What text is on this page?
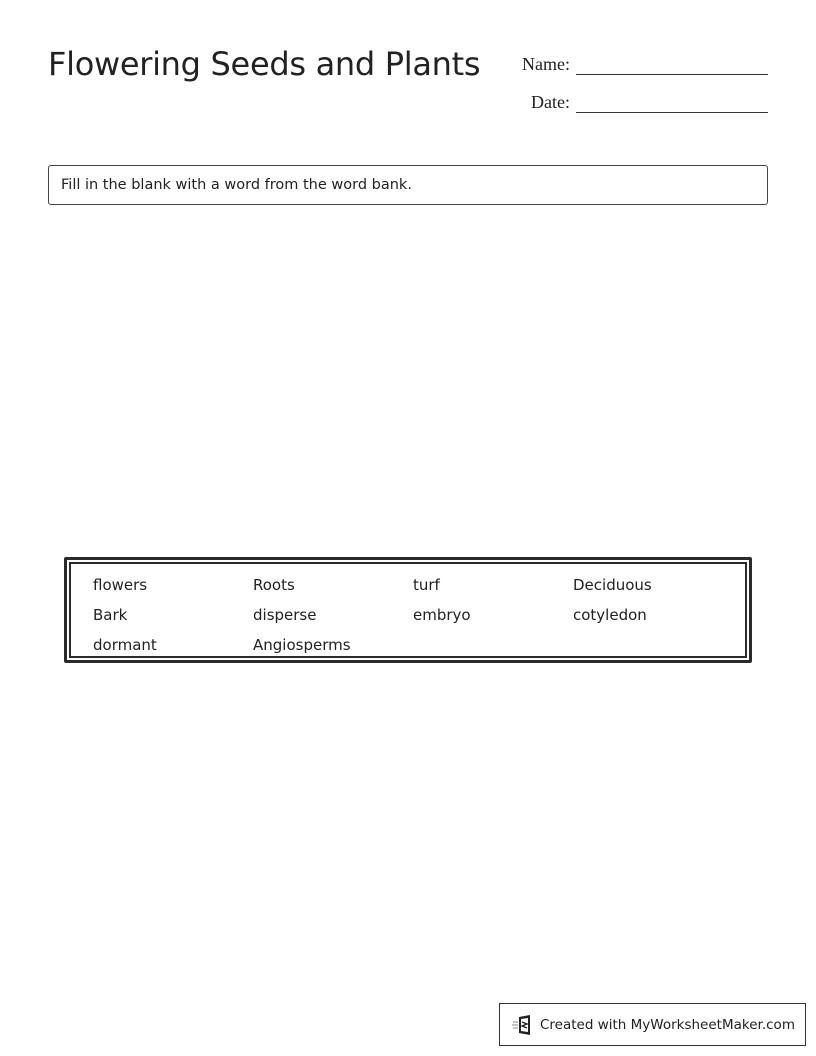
Flowering Seeds and Plants	Name:
Date:
Fill in the blank with a word from the word bank.
flowers	Roots	turf	Deciduous
Bark	disperse	embryo	cotyledon
dormant	Angiosperms
Created with MyWorksheetMaker.com
